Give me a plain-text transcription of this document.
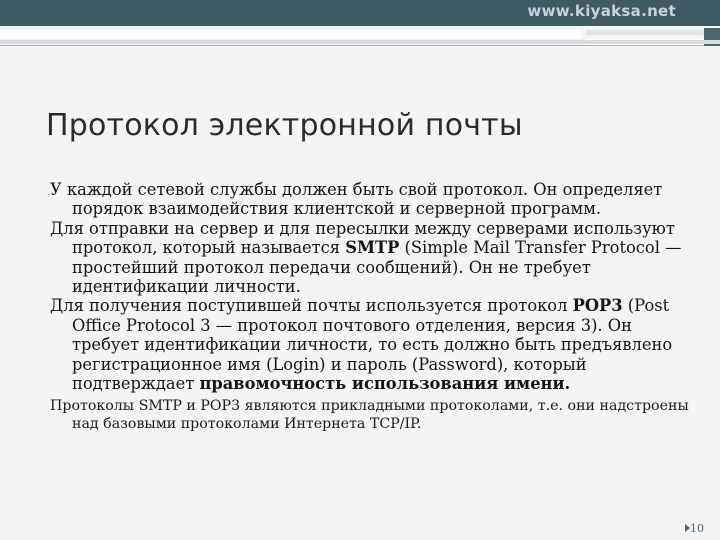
www.kiyaksa.net
Протокол электронной почты

У каждой сетевой службы должен быть свой протокол. Он определяет порядок взаимодействия клиентской и серверной программ.

Для отправки на сервер и для пересылки между серверами используют протокол, который называется SMTP (Simple Mail Transfer Protocol — простейший протокол передачи сообщений). Он не требует идентификации личности.

Для получения поступившей почты используется протокол POP3 (Post Office Protocol 3 — протокол почтового отделения, версия 3). Он требует идентификации личности, то есть должно быть предъявлено регистрационное имя (Login) и пароль (Password), который подтверждает правомочность использования имени.

Протоколы SMTP и POP3 являются прикладными протоколами, т.е. они надстроены над базовыми протоколами Интернета TCP/IP.

10
